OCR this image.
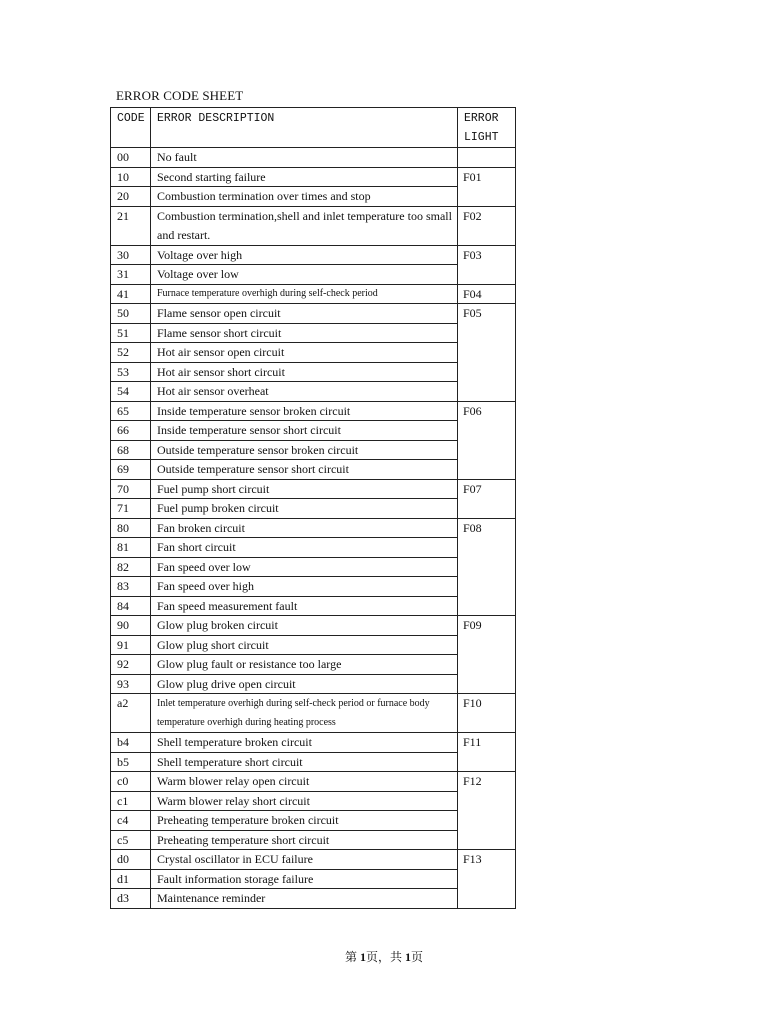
ERROR CODE SHEET
CODE	ERROR DESCRIPTION	ERROR
LIGHT
00	No fault	
10	Second starting failure	F01
20	Combustion termination over times and stop	
21	Combustion termination,shell and inlet temperature too small and restart.	F02
30	Voltage over high	F03
31	Voltage over low	
41	Furnace temperature overhigh during self-check period	F04
50	Flame sensor open circuit	F05
51	Flame sensor short circuit	
52	Hot air sensor open circuit	
53	Hot air sensor short circuit	
54	Hot air sensor overheat	
65	Inside temperature sensor broken circuit	F06
66	Inside temperature sensor short circuit	
68	Outside temperature sensor broken circuit	
69	Outside temperature sensor short circuit	
70	Fuel pump short circuit	F07
71	Fuel pump broken circuit	
80	Fan broken circuit	F08
81	Fan short circuit	
82	Fan speed over low	
83	Fan speed over high	
84	Fan speed measurement fault	
90	Glow plug broken circuit	F09
91	Glow plug short circuit	
92	Glow plug fault or resistance too large	
93	Glow plug drive open circuit	
a2	Inlet temperature overhigh during self-check period or furnace body temperature overhigh during heating process	F10
b4	Shell temperature broken circuit	F11
b5	Shell temperature short circuit	
c0	Warm blower relay open circuit	F12
c1	Warm blower relay short circuit	
c4	Preheating temperature broken circuit	
c5	Preheating temperature short circuit	
d0	Crystal oscillator in ECU failure	F13
d1	Fault information storage failure	
d3	Maintenance reminder	
第 1页，共 1页
